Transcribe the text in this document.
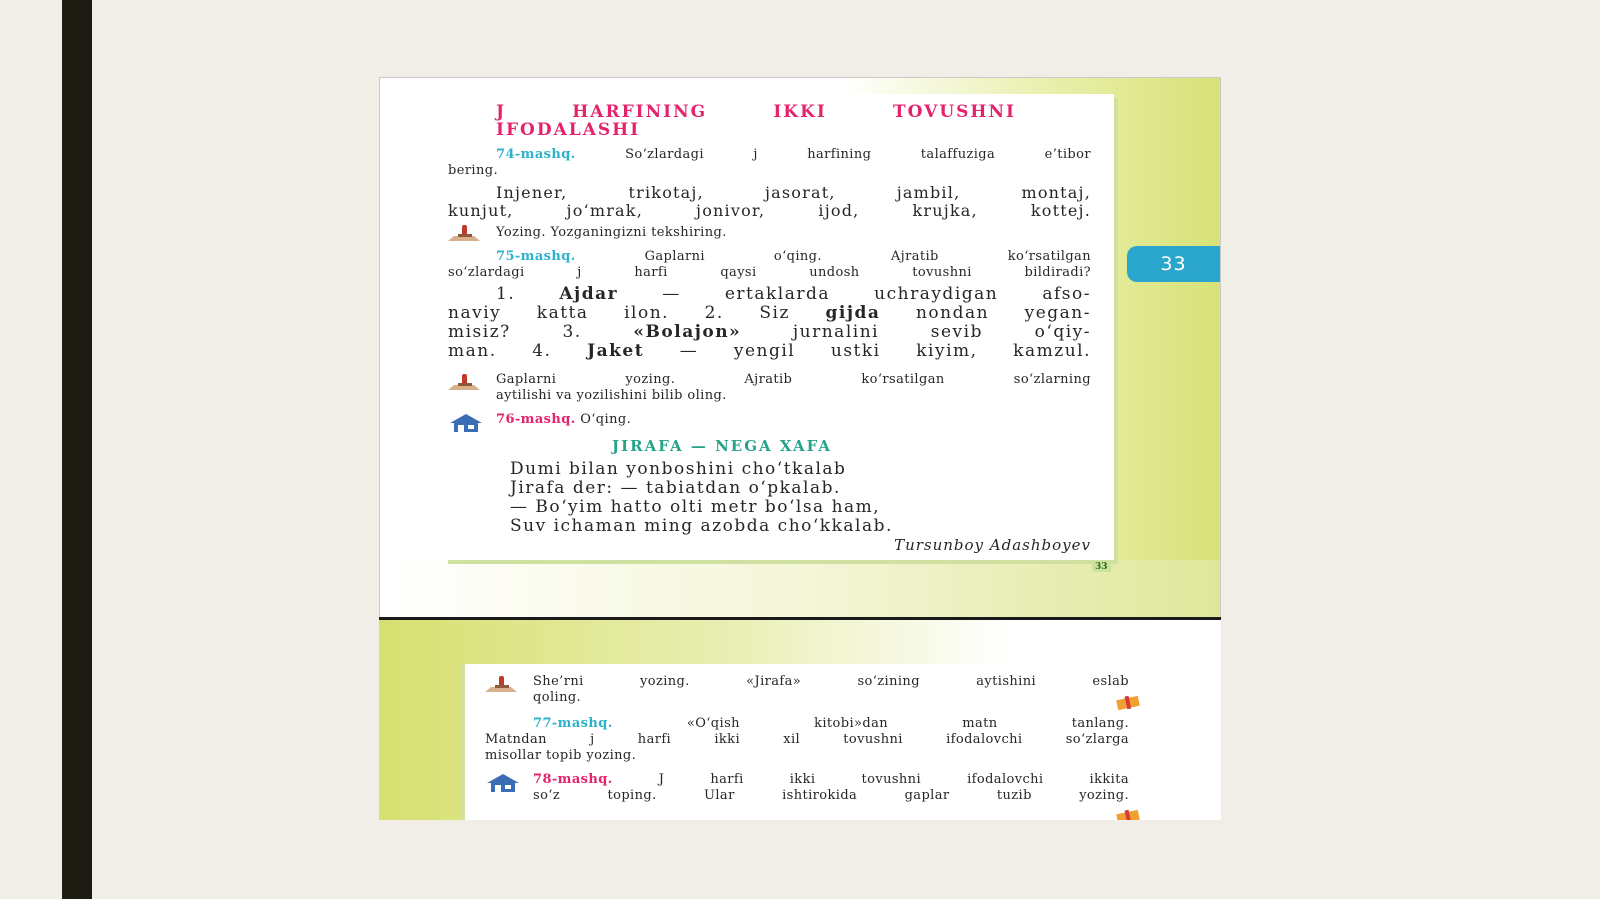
J HARFINING IKKI TOVUSHNI
IFODALASHI
74-mashq.	So‘zlardagi j harfining talaffuziga e’tibor
bering.
Injener, trikotaj, jasorat, jambil, montaj,
kunjut, jo‘mrak, jonivor, ijod, krujka, kottej.
Yozing. Yozganingizni tekshiring.
75-mashq.	Gaplarni o‘qing. Ajratib ko‘rsatilgan
so‘zlardagi j harfi qaysi undosh tovushni bildiradi?
1. Ajdar — ertaklarda uchraydigan afso-
naviy katta ilon. 2. Siz gijda nondan yegan-
misiz? 3. «Bolajon» jurnalini sevib o‘qiy-
man. 4. Jaket — yengil ustki kiyim, kamzul.
Gaplarni yozing. Ajratib ko‘rsatilgan so‘zlarning
aytilishi va yozilishini bilib oling.
76-mashq. O‘qing.
JIRAFA — NEGA XAFA
Dumi bilan yonboshini cho‘tkalab
Jirafa der: — tabiatdan o‘pkalab.
— Bo‘yim hatto olti metr bo‘lsa ham,
Suv ichaman ming azobda cho‘kkalab.
Tursunboy Adashboyev
33
33
She’rni yozing. «Jirafa» so‘zining aytishini eslab
qoling.
77-mashq.	«O‘qish kitobi»dan matn tanlang.
Matndan j harfi ikki xil tovushni ifodalovchi so‘zlarga
misollar topib yozing.
78-mashq.	J harfi ikki tovushni ifodalovchi ikkita
so‘z toping. Ular ishtirokida gaplar tuzib yozing.
